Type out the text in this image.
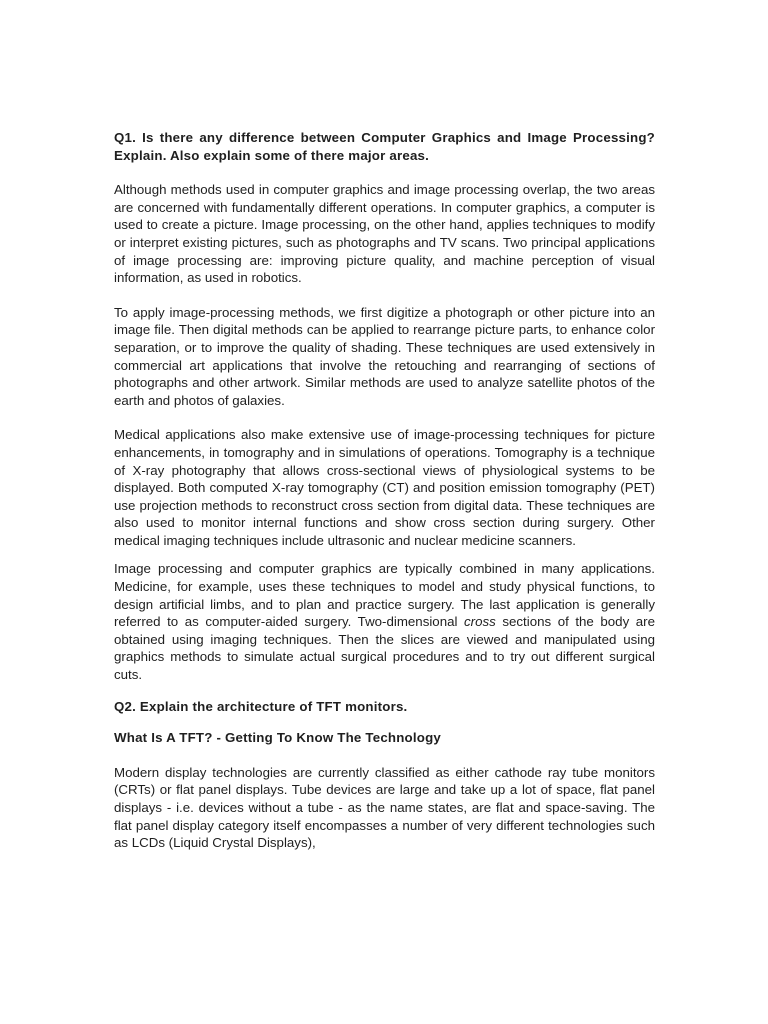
Q1. Is there any difference between Computer Graphics and Image Processing? Explain. Also explain some of there major areas.

Although methods used in computer graphics and image processing overlap, the two areas are concerned with fundamentally different operations. In computer graphics, a computer is used to create a picture. Image processing, on the other hand, applies techniques to modify or interpret existing pictures, such as photographs and TV scans. Two principal applications of image processing are: improving picture quality, and machine perception of visual information, as used in robotics.

To apply image-processing methods, we first digitize a photograph or other picture into an image file. Then digital methods can be applied to rearrange picture parts, to enhance color separation, or to improve the quality of shading. These techniques are used extensively in commercial art applications that involve the retouching and rearranging of sections of photographs and other artwork. Similar methods are used to analyze satellite photos of the earth and photos of galaxies.

Medical applications also make extensive use of image-processing techniques for picture enhancements, in tomography and in simulations of operations. Tomography is a technique of X-ray photography that allows cross-sectional views of physiological systems to be displayed. Both computed X-ray tomography (CT) and position emission tomography (PET) use projection methods to reconstruct cross section from digital data. These techniques are also used to monitor internal functions and show cross section during surgery. Other medical imaging techniques include ultrasonic and nuclear medicine scanners.

Image processing and computer graphics are typically combined in many applications. Medicine, for example, uses these techniques to model and study physical functions, to design artificial limbs, and to plan and practice surgery. The last application is generally referred to as computer-aided surgery. Two-dimensional cross sections of the body are obtained using imaging techniques. Then the slices are viewed and manipulated using graphics methods to simulate actual surgical procedures and to try out different surgical cuts.

Q2. Explain the architecture of TFT monitors.

What Is A TFT? - Getting To Know The Technology

Modern display technologies are currently classified as either cathode ray tube monitors (CRTs) or flat panel displays. Tube devices are large and take up a lot of space, flat panel displays - i.e. devices without a tube - as the name states, are flat and space-saving. The flat panel display category itself encompasses a number of very different technologies such as LCDs (Liquid Crystal Displays),
